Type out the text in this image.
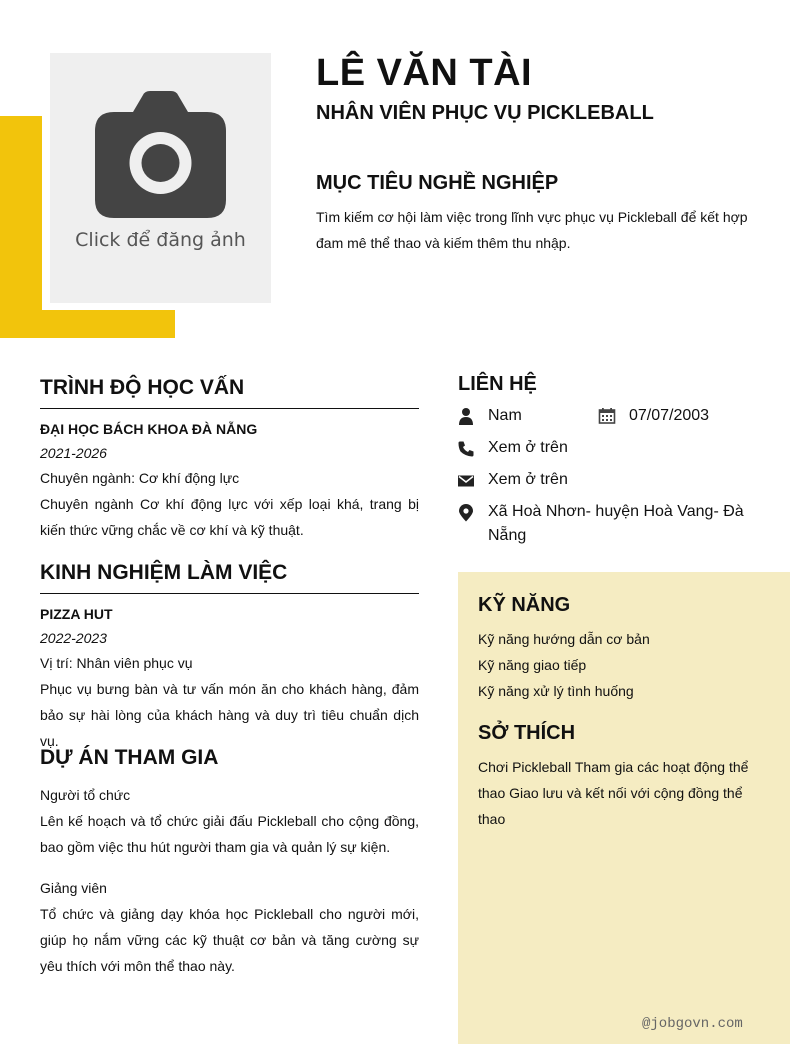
Click để đăng ảnh
LÊ VĂN TÀI
NHÂN VIÊN PHỤC VỤ PICKLEBALL
MỤC TIÊU NGHỀ NGHIỆP
Tìm kiếm cơ hội làm việc trong lĩnh vực phục vụ Pickleball để kết hợp đam mê thể thao và kiếm thêm thu nhập.
TRÌNH ĐỘ HỌC VẤN
ĐẠI HỌC BÁCH KHOA ĐÀ NẴNG
2021-2026
Chuyên ngành: Cơ khí động lực
Chuyên ngành Cơ khí động lực với xếp loại khá, trang bị kiến thức vững chắc về cơ khí và kỹ thuật.
KINH NGHIỆM LÀM VIỆC
PIZZA HUT
2022-2023
Vị trí: Nhân viên phục vụ
Phục vụ bưng bàn và tư vấn món ăn cho khách hàng, đảm bảo sự hài lòng của khách hàng và duy trì tiêu chuẩn dịch vụ.
DỰ ÁN THAM GIA
Người tổ chức
Lên kế hoạch và tổ chức giải đấu Pickleball cho cộng đồng, bao gồm việc thu hút người tham gia và quản lý sự kiện.
Giảng viên
Tổ chức và giảng dạy khóa học Pickleball cho người mới, giúp họ nắm vững các kỹ thuật cơ bản và tăng cường sự yêu thích với môn thể thao này.
LIÊN HỆ
Nam	07/07/2003
Xem ở trên
Xem ở trên
Xã Hoà Nhơn- huyện Hoà Vang- Đà Nẵng
KỸ NĂNG
Kỹ năng hướng dẫn cơ bản
Kỹ năng giao tiếp
Kỹ năng xử lý tình huống
SỞ THÍCH
Chơi Pickleball Tham gia các hoạt động thể thao Giao lưu và kết nối với cộng đồng thể thao
@jobgovn.com
